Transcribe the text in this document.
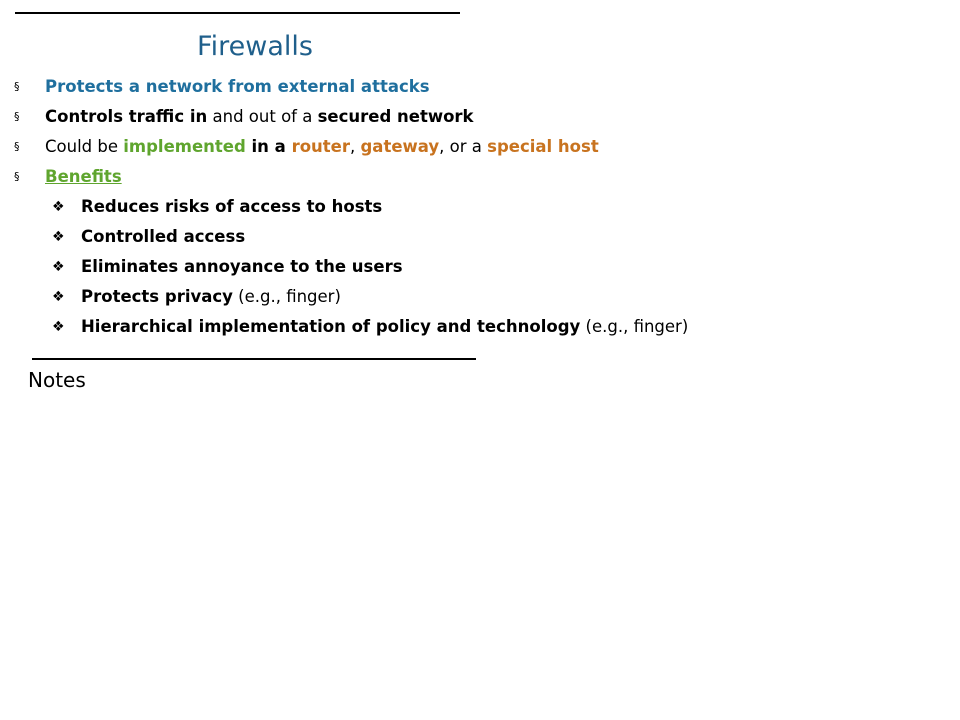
Firewalls
§ Protects a network from external attacks
§ Controls traffic in and out of a secured network
§ Could be implemented in a router, gateway, or a special host
§ Benefits
❖ Reduces risks of access to hosts
❖ Controlled access
❖ Eliminates annoyance to the users
❖ Protects privacy (e.g., finger)
❖ Hierarchical implementation of policy and technology (e.g., finger)
Notes
